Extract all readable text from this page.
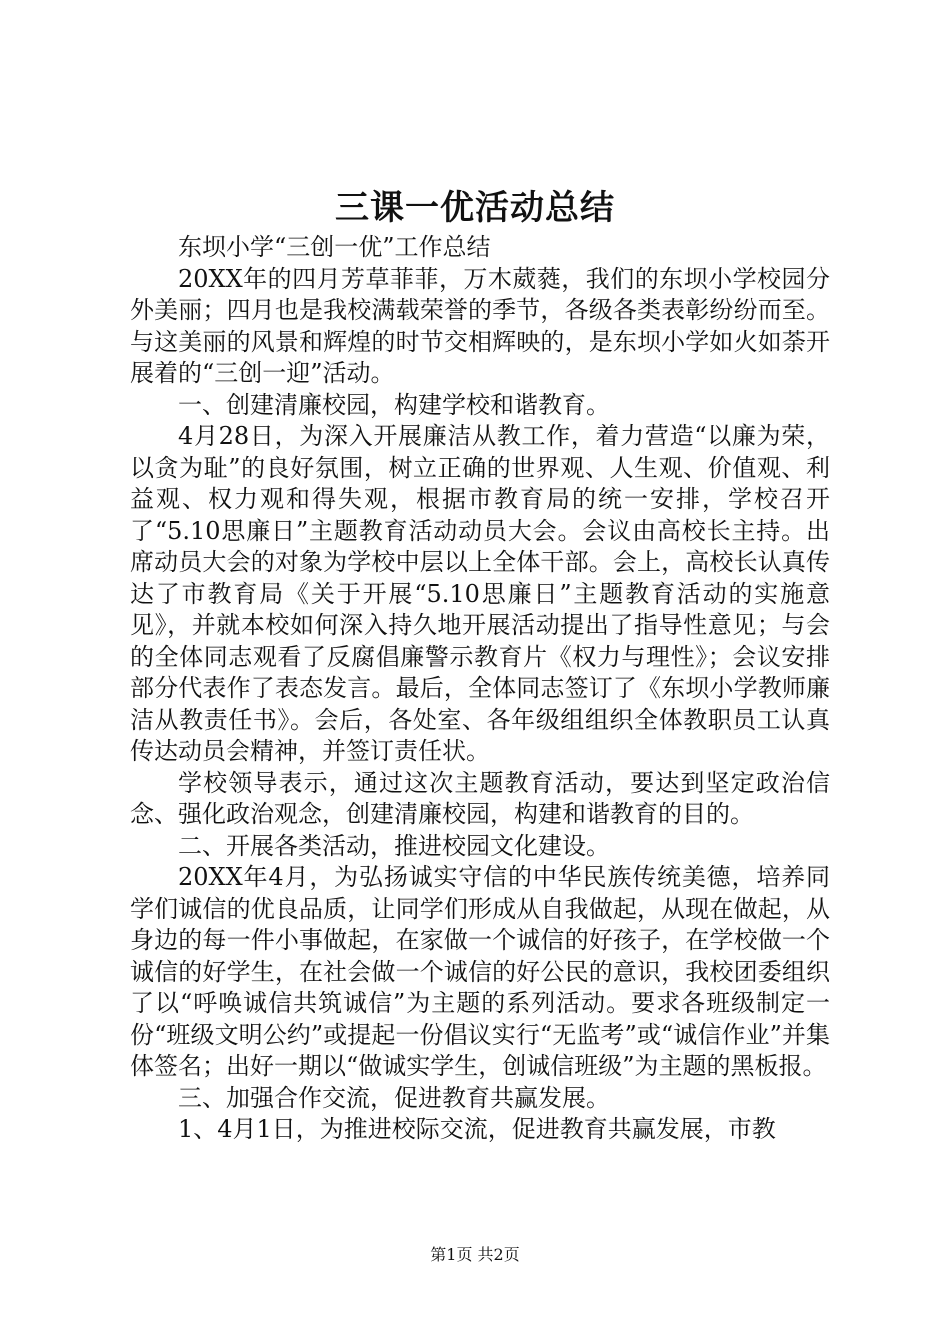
三课一优活动总结

东坝小学“三创一优”工作总结

20XX年的四月芳草菲菲，万木葳蕤，我们的东坝小学校园分外美丽；四月也是我校满载荣誉的季节，各级各类表彰纷纷而至。与这美丽的风景和辉煌的时节交相辉映的，是东坝小学如火如荼开展着的“三创一迎”活动。

一、创建清廉校园，构建学校和谐教育。

4月28日，为深入开展廉洁从教工作，着力营造“以廉为荣，以贪为耻”的良好氛围，树立正确的世界观、人生观、价值观、利益观、权力观和得失观，根据市教育局的统一安排，学校召开了“5.10思廉日”主题教育活动动员大会。会议由高校长主持。出席动员大会的对象为学校中层以上全体干部。会上，高校长认真传达了市教育局《关于开展“5.10思廉日”主题教育活动的实施意见》，并就本校如何深入持久地开展活动提出了指导性意见；与会的全体同志观看了反腐倡廉警示教育片《权力与理性》；会议安排部分代表作了表态发言。最后，全体同志签订了《东坝小学教师廉洁从教责任书》。会后，各处室、各年级组组织全体教职员工认真传达动员会精神，并签订责任状。

学校领导表示，通过这次主题教育活动，要达到坚定政治信念、强化政治观念，创建清廉校园，构建和谐教育的目的。

二、开展各类活动，推进校园文化建设。

20XX年4月，为弘扬诚实守信的中华民族传统美德，培养同学们诚信的优良品质，让同学们形成从自我做起，从现在做起，从身边的每一件小事做起，在家做一个诚信的好孩子，在学校做一个诚信的好学生，在社会做一个诚信的好公民的意识，我校团委组织了以“呼唤诚信共筑诚信”为主题的系列活动。要求各班级制定一份“班级文明公约”或提起一份倡议实行“无监考”或“诚信作业”并集体签名；出好一期以“做诚实学生，创诚信班级”为主题的黑板报。

三、加强合作交流，促进教育共赢发展。

1、4月1日，为推进校际交流，促进教育共赢发展，市教

第1页 共2页
